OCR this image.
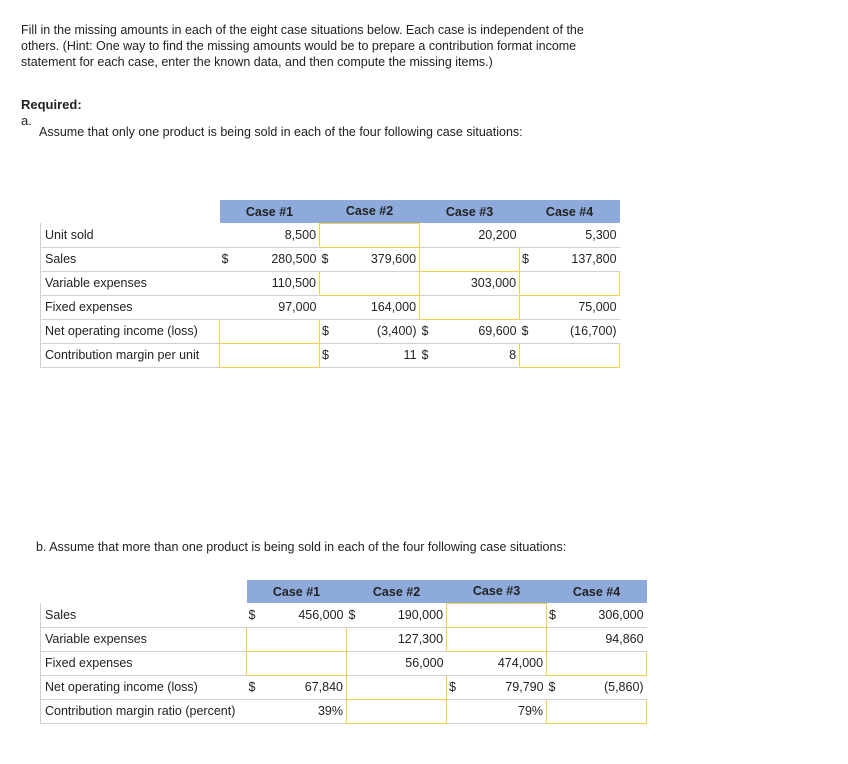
Fill in the missing amounts in each of the eight case situations below. Each case is independent of the others. (Hint: One way to find the missing amounts would be to prepare a contribution format income statement for each case, enter the known data, and then compute the missing items.)
Required:
a.
Assume that only one product is being sold in each of the four following case situations:
	Case #1		Case #2		Case #3		Case #4	
Unit sold		8,500				20,200		5,300
Sales	$	280,500	$	379,600			$	137,800
Variable expenses		110,500				303,000		
Fixed expenses		97,000		164,000				75,000
Net operating income (loss)			$	(3,400)	$	69,600	$	(16,700)
Contribution margin per unit			$	11	$	8		
b. Assume that more than one product is being sold in each of the four following case situations:
	Case #1		Case #2		Case #3		Case #4	
Sales	$	456,000	$	190,000			$	306,000
Variable expenses				127,300				94,860
Fixed expenses				56,000		474,000		
Net operating income (loss)	$	67,840			$	79,790	$	(5,860)
Contribution margin ratio (percent)		39%				79%		
